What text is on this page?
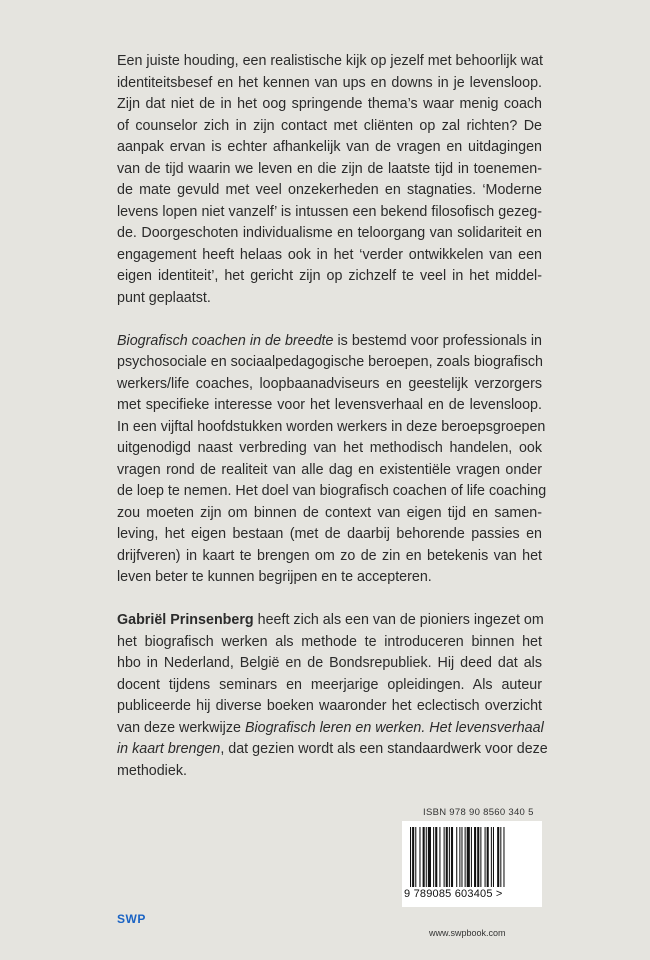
Een juiste houding, een realistische kijk op jezelf met behoorlijk wat
identiteitsbesef en het kennen van ups en downs in je levensloop.
Zijn dat niet de in het oog springende thema’s waar menig coach
of counselor zich in zijn contact met cliënten op zal richten? De
aanpak ervan is echter afhankelijk van de vragen en uitdagingen
van de tijd waarin we leven en die zijn de laatste tijd in toenemen-
de mate gevuld met veel onzekerheden en stagnaties. ‘Moderne
levens lopen niet vanzelf’ is intussen een bekend filosofisch gezeg-
de. Doorgeschoten individualisme en teloorgang van solidariteit en
engagement heeft helaas ook in het ‘verder ontwikkelen van een
eigen identiteit’, het gericht zijn op zichzelf te veel in het middel-
punt geplaatst.

Biografisch coachen in de breedte is bestemd voor professionals in
psychosociale en sociaalpedagogische beroepen, zoals biografisch
werkers/life coaches, loopbaanadviseurs en geestelijk verzorgers
met specifieke interesse voor het levensverhaal en de levensloop.
In een vijftal hoofdstukken worden werkers in deze beroepsgroepen
uitgenodigd naast verbreding van het methodisch handelen, ook
vragen rond de realiteit van alle dag en existentiële vragen onder
de loep te nemen. Het doel van biografisch coachen of life coaching
zou moeten zijn om binnen de context van eigen tijd en samen-
leving, het eigen bestaan (met de daarbij behorende passies en
drijfveren) in kaart te brengen om zo de zin en betekenis van het
leven beter te kunnen begrijpen en te accepteren.

Gabriël Prinsenberg heeft zich als een van de pioniers ingezet om
het biografisch werken als methode te introduceren binnen het
hbo in Nederland, België en de Bondsrepubliek. Hij deed dat als
docent tijdens seminars en meerjarige opleidingen. Als auteur
publiceerde hij diverse boeken waaronder het eclectisch overzicht
van deze werkwijze Biografisch leren en werken. Het levensverhaal
in kaart brengen, dat gezien wordt als een standaardwerk voor deze
methodiek.

ISBN 978 90 8560 340 5
9 789085 603405 >
SWP
www.swpbook.com
